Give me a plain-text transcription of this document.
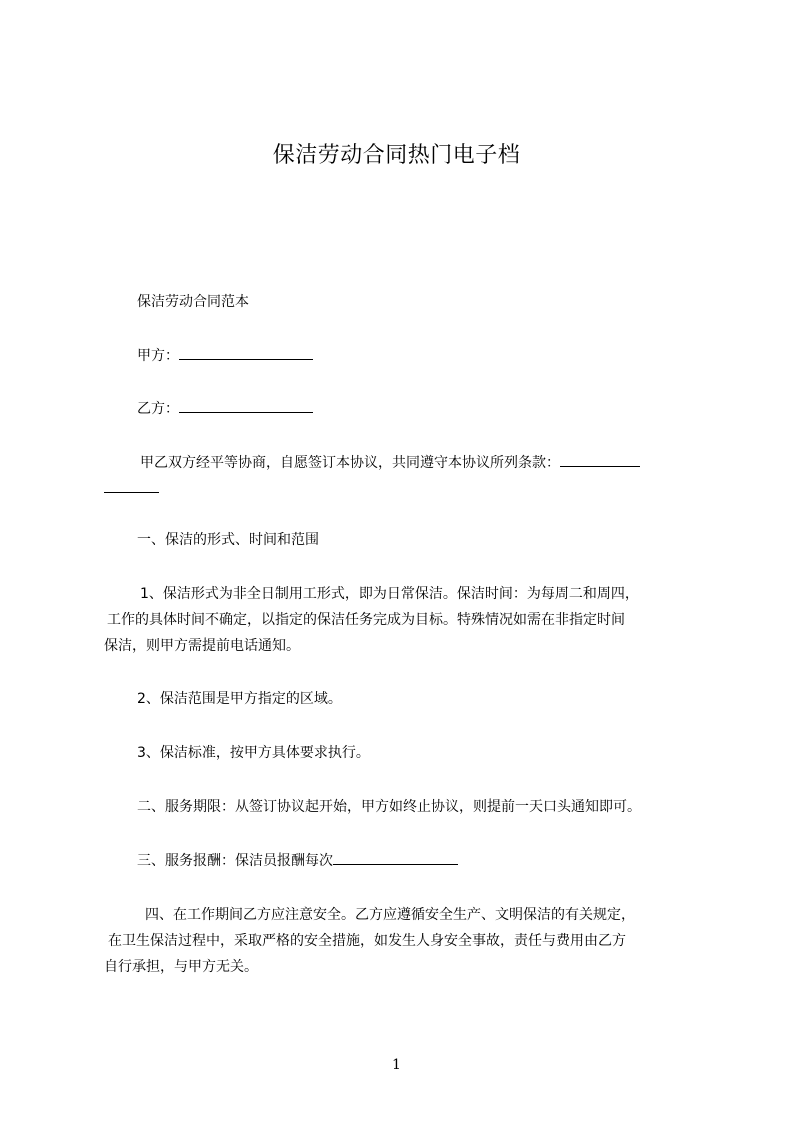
保洁劳动合同热门电子档
保洁劳动合同范本
甲方：
乙方：
甲乙双方经平等协商，自愿签订本协议，共同遵守本协议所列条款：
一、保洁的形式、时间和范围
1、保洁形式为非全日制用工形式，即为日常保洁。保洁时间：为每周二和周四，
工作的具体时间不确定，以指定的保洁任务完成为目标。特殊情况如需在非指定时间
保洁，则甲方需提前电话通知。
2、保洁范围是甲方指定的区域。
3、保洁标准，按甲方具体要求执行。
二、服务期限：从签订协议起开始，甲方如终止协议，则提前一天口头通知即可。
三、服务报酬：保洁员报酬每次
四、在工作期间乙方应注意安全。乙方应遵循安全生产、文明保洁的有关规定，
在卫生保洁过程中，采取严格的安全措施，如发生人身安全事故，责任与费用由乙方
自行承担，与甲方无关。
1
